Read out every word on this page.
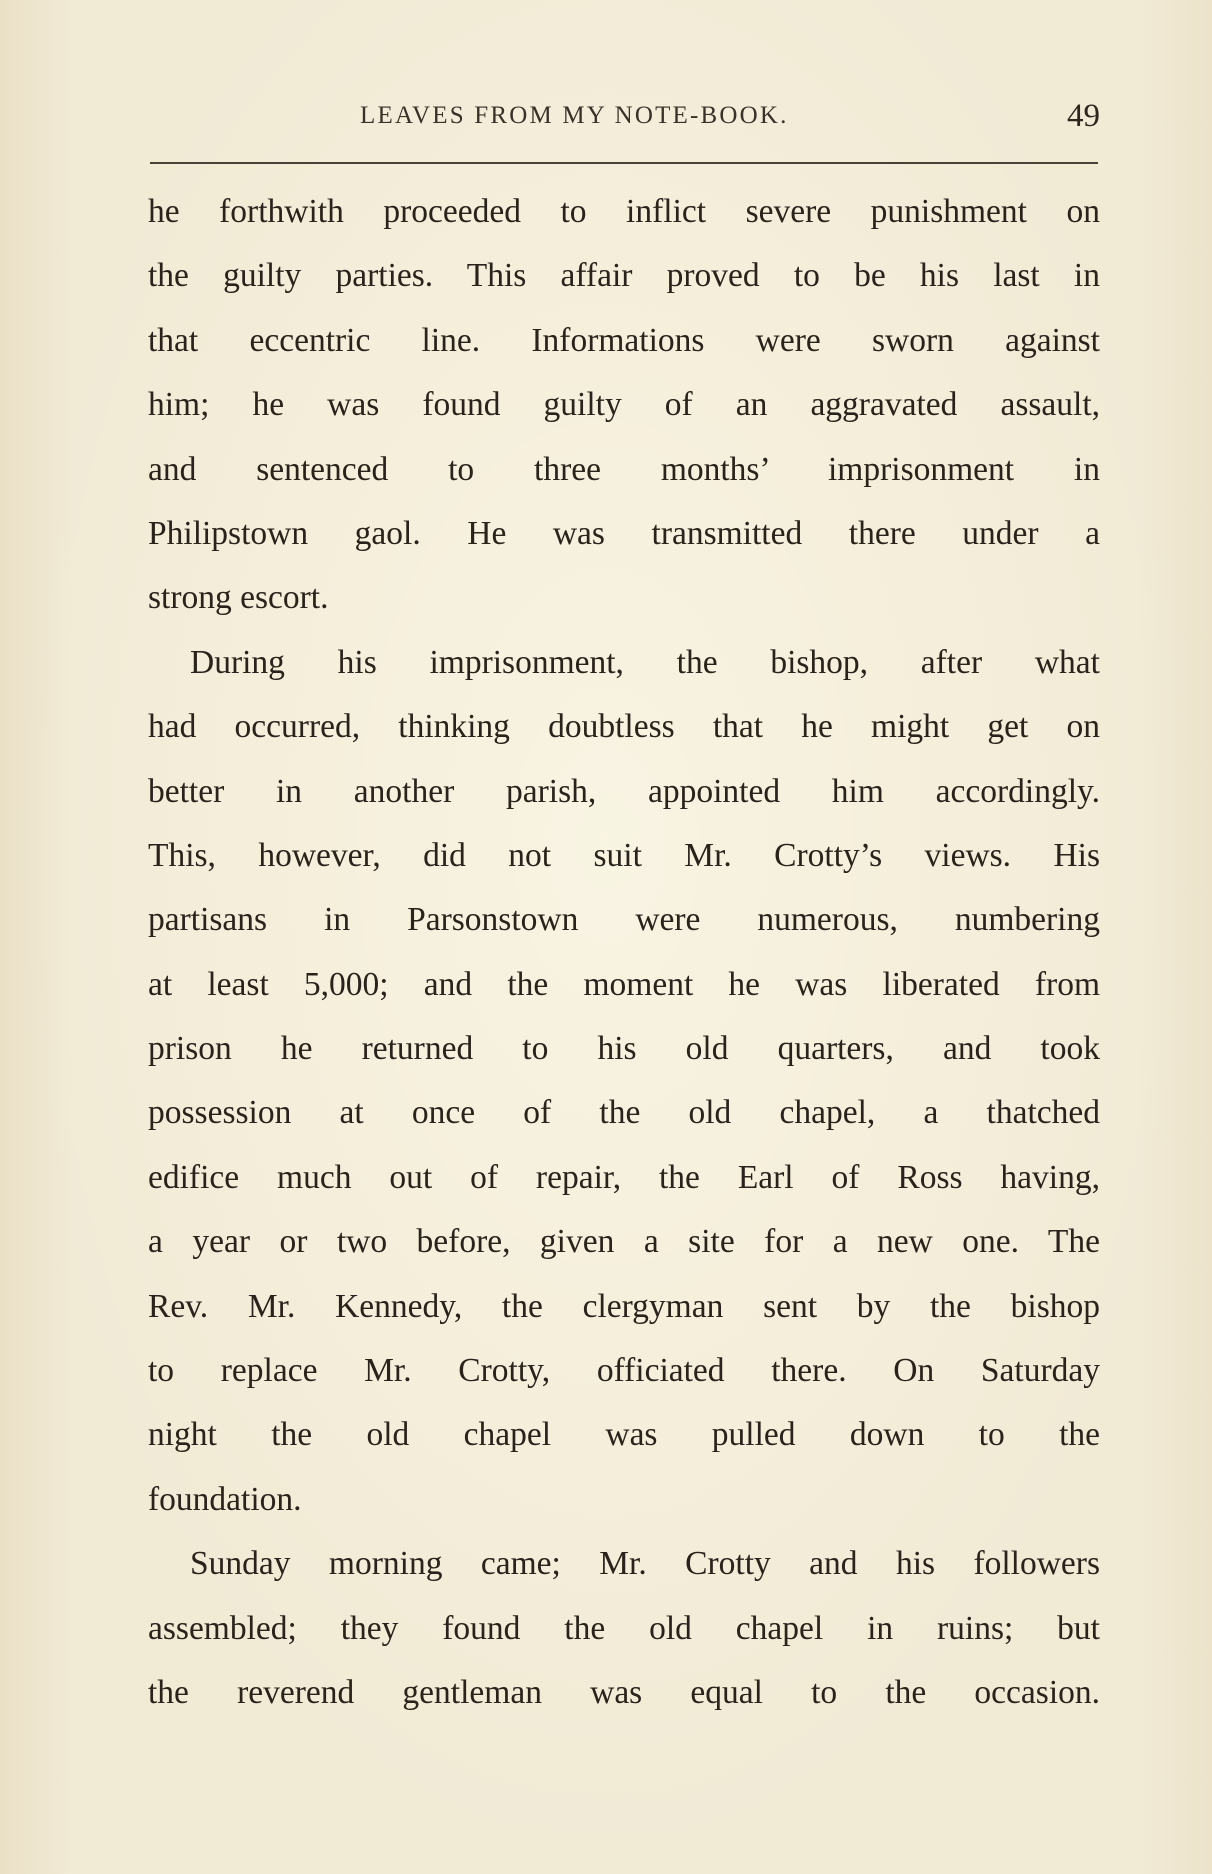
LEAVES FROM MY NOTE-BOOK.	49
he forthwith proceeded to inflict severe punishment on
the guilty parties. This affair proved to be his last in
that eccentric line. Informations were sworn against
him; he was found guilty of an aggravated assault,
and sentenced to three months’ imprisonment in
Philipstown gaol. He was transmitted there under a
strong escort.
During his imprisonment, the bishop, after what
had occurred, thinking doubtless that he might get on
better in another parish, appointed him accordingly.
This, however, did not suit Mr. Crotty’s views. His
partisans in Parsonstown were numerous, numbering
at least 5,000; and the moment he was liberated from
prison he returned to his old quarters, and took
possession at once of the old chapel, a thatched
edifice much out of repair, the Earl of Ross having,
a year or two before, given a site for a new one. The
Rev. Mr. Kennedy, the clergyman sent by the bishop
to replace Mr. Crotty, officiated there. On Saturday
night the old chapel was pulled down to the
foundation.
Sunday morning came; Mr. Crotty and his followers
assembled; they found the old chapel in ruins; but
the reverend gentleman was equal to the occasion.
